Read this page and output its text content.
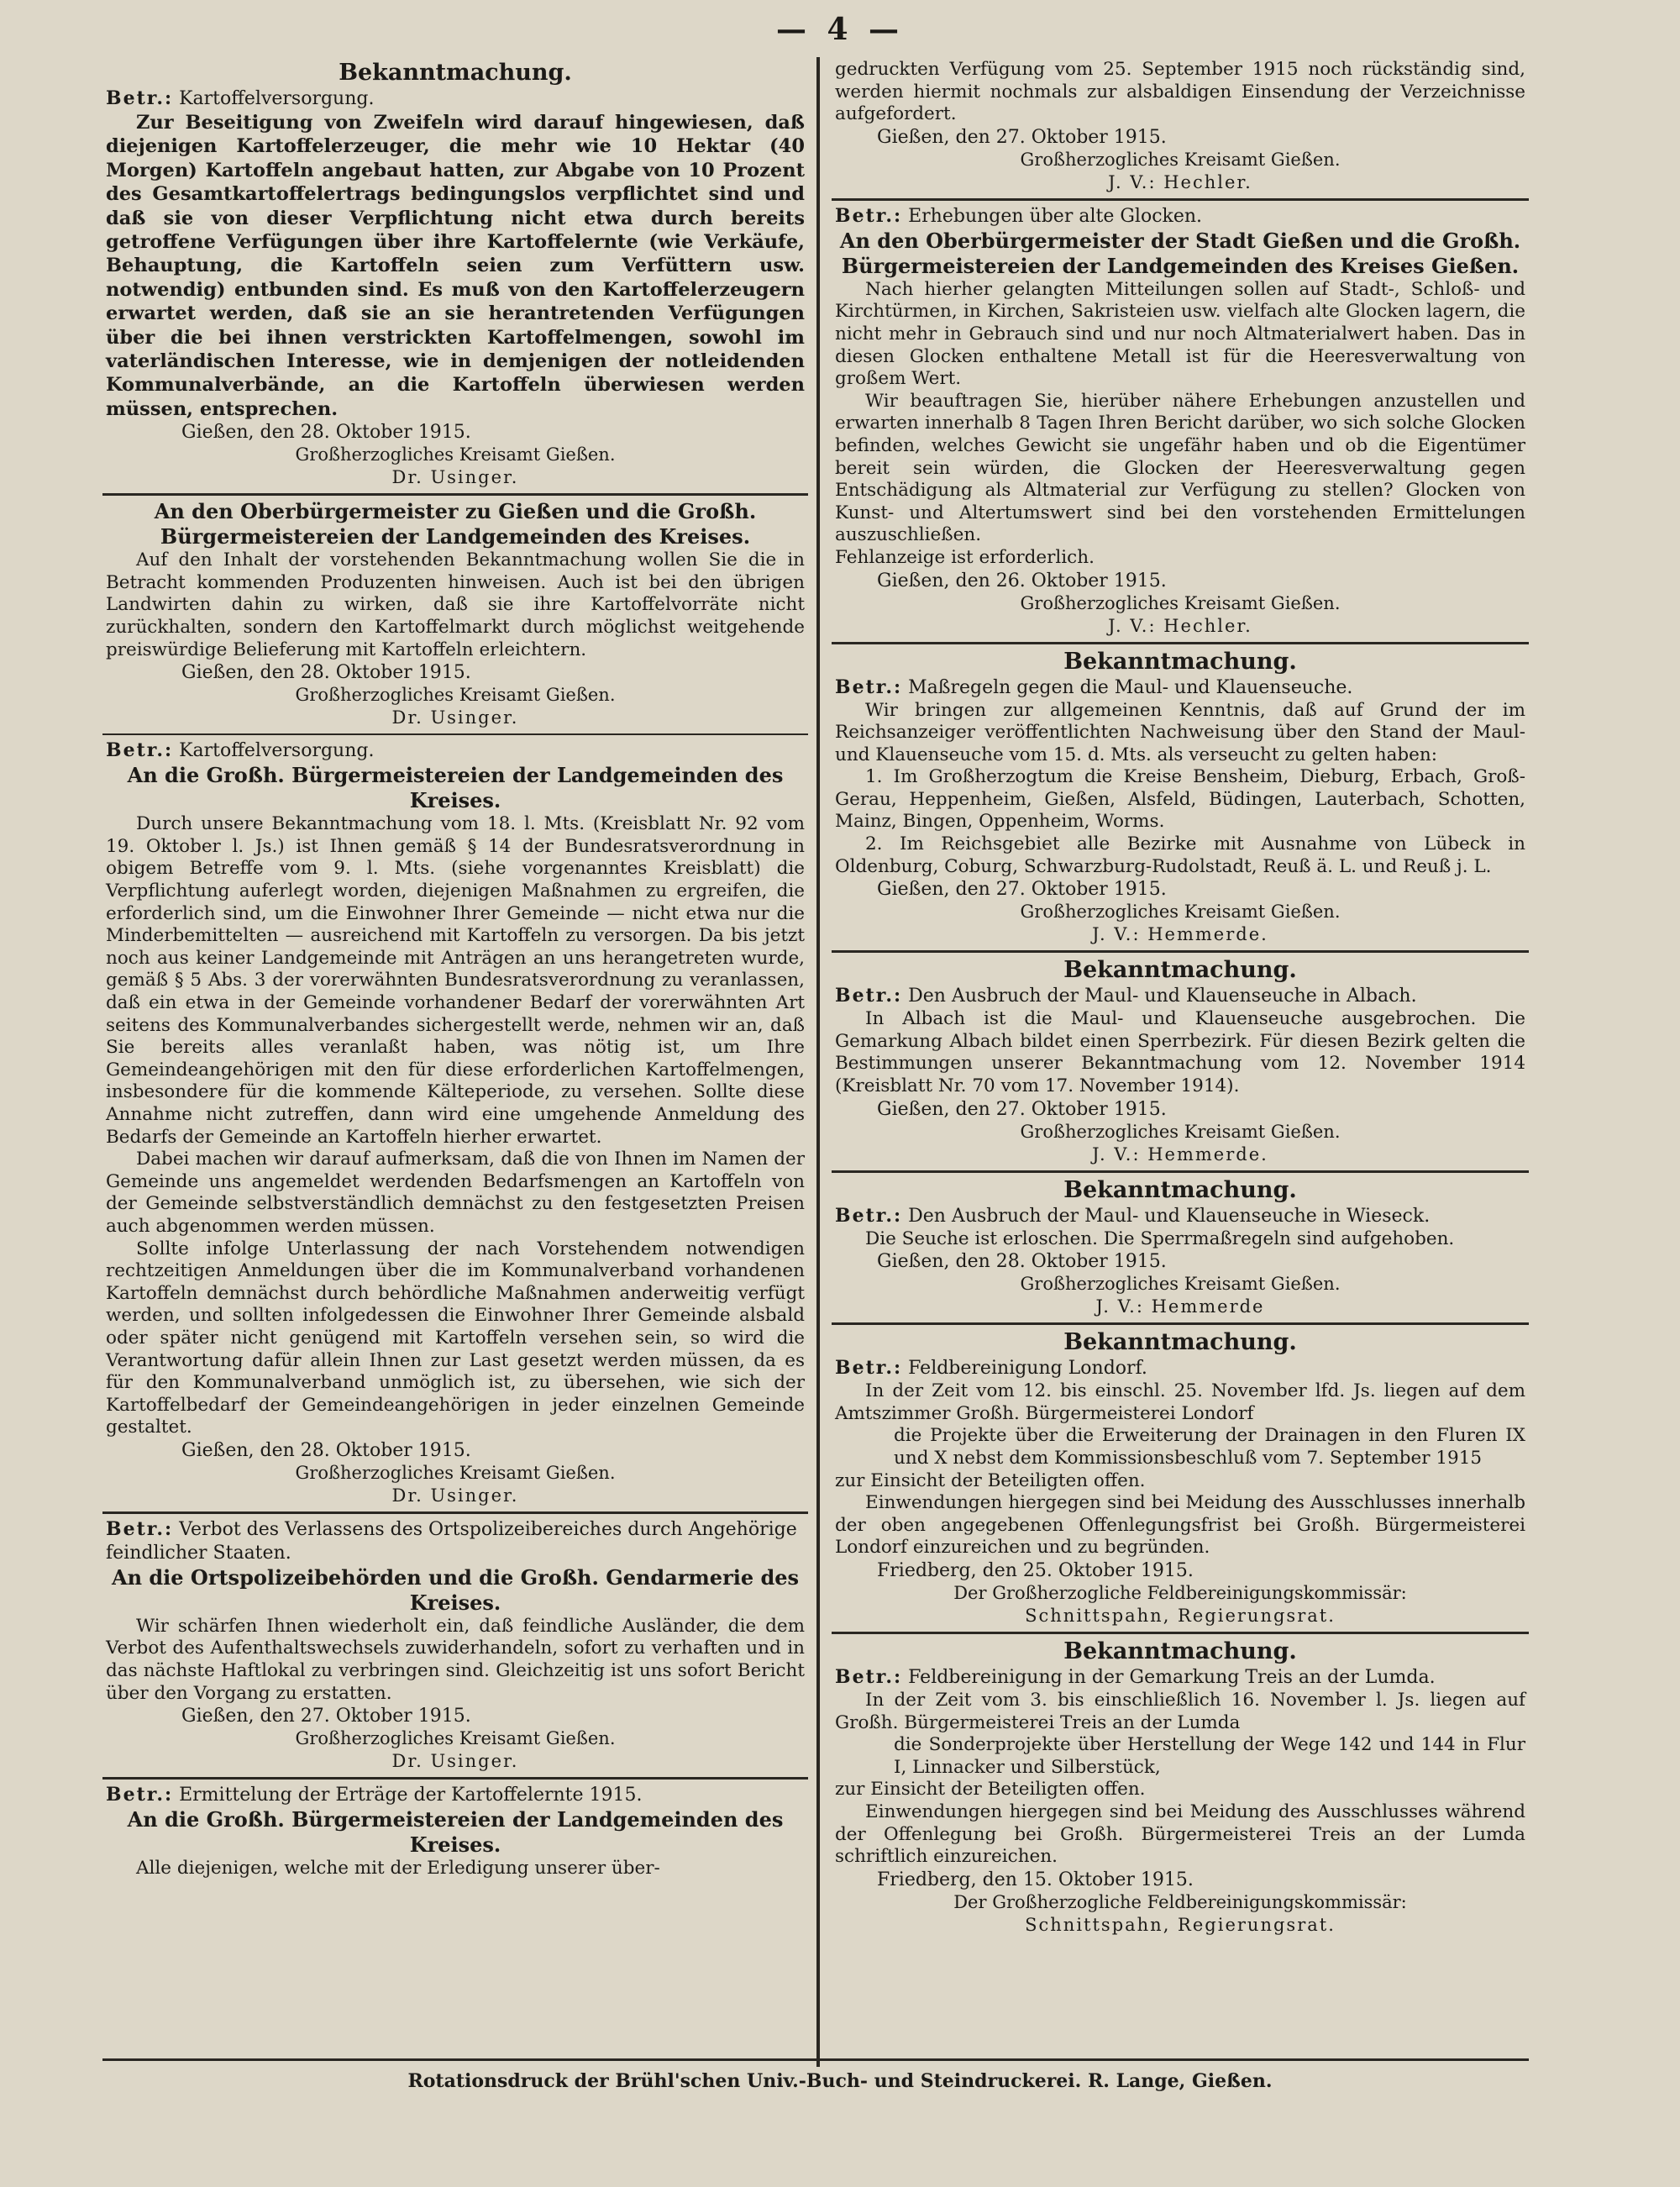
— 4 —
Bekanntmachung.
Betr.: Kartoffelversorgung.

Zur Beseitigung von Zweifeln wird darauf hingewiesen, daß diejenigen Kartoffelerzeuger, die mehr wie 10 Hektar (40 Morgen) Kartoffeln angebaut hatten, zur Abgabe von 10 Prozent des Gesamtkartoffelertrags bedingungslos verpflichtet sind und daß sie von dieser Verpflichtung nicht etwa durch bereits getroffene Verfügungen über ihre Kartoffelernte (wie Verkäufe, Behauptung, die Kartoffeln seien zum Verfüttern usw. notwendig) entbunden sind. Es muß von den Kartoffelerzeugern erwartet werden, daß sie an sie herantretenden Verfügungen über die bei ihnen verstrickten Kartoffelmengen, sowohl im vaterländischen Interesse, wie in demjenigen der notleidenden Kommunalverbände, an die Kartoffeln überwiesen werden müssen, entsprechen.

Gießen, den 28. Oktober 1915.
Großherzogliches Kreisamt Gießen.
Dr. Usinger.
An den Oberbürgermeister zu Gießen und die Großh. Bürgermeistereien der Landgemeinden des Kreises.

Auf den Inhalt der vorstehenden Bekanntmachung wollen Sie die in Betracht kommenden Produzenten hinweisen. Auch ist bei den übrigen Landwirten dahin zu wirken, daß sie ihre Kartoffelvorräte nicht zurückhalten, sondern den Kartoffelmarkt durch möglichst weitgehende preiswürdige Belieferung mit Kartoffeln erleichtern.

Gießen, den 28. Oktober 1915.
Großherzogliches Kreisamt Gießen.
Dr. Usinger.
Betr.: Kartoffelversorgung.
An die Großh. Bürgermeistereien der Landgemeinden des Kreises.

Durch unsere Bekanntmachung vom 18. l. Mts. (Kreisblatt Nr. 92 vom 19. Oktober l. Js.) ist Ihnen gemäß § 14 der Bundesratsverordnung in obigem Betreffe vom 9. l. Mts. (siehe vorgenanntes Kreisblatt) die Verpflichtung auferlegt worden, diejenigen Maßnahmen zu ergreifen, die erforderlich sind, um die Einwohner Ihrer Gemeinde — nicht etwa nur die Minderbemittelten — ausreichend mit Kartoffeln zu versorgen. Da bis jetzt noch aus keiner Landgemeinde mit Anträgen an uns herangetreten wurde, gemäß § 5 Abs. 3 der vorerwähnten Bundesratsverordnung zu veranlassen, daß ein etwa in der Gemeinde vorhandener Bedarf der vorerwähnten Art seitens des Kommunalverbandes sichergestellt werde, nehmen wir an, daß Sie bereits alles veranlaßt haben, was nötig ist, um Ihre Gemeindeangehörigen mit den für diese erforderlichen Kartoffelmengen, insbesondere für die kommende Kälteperiode, zu versehen. Sollte diese Annahme nicht zutreffen, dann wird eine umgehende Anmeldung des Bedarfs der Gemeinde an Kartoffeln hierher erwartet.

Dabei machen wir darauf aufmerksam, daß die von Ihnen im Namen der Gemeinde uns angemeldet werdenden Bedarfsmengen an Kartoffeln von der Gemeinde selbstverständlich demnächst zu den festgesetzten Preisen auch abgenommen werden müssen.

Sollte infolge Unterlassung der nach Vorstehendem notwendigen rechtzeitigen Anmeldungen über die im Kommunalverband vorhandenen Kartoffeln demnächst durch behördliche Maßnahmen anderweitig verfügt werden, und sollten infolgedessen die Einwohner Ihrer Gemeinde alsbald oder später nicht genügend mit Kartoffeln versehen sein, so wird die Verantwortung dafür allein Ihnen zur Last gesetzt werden müssen, da es für den Kommunalverband unmöglich ist, zu übersehen, wie sich der Kartoffelbedarf der Gemeindeangehörigen in jeder einzelnen Gemeinde gestaltet.

Gießen, den 28. Oktober 1915.
Großherzogliches Kreisamt Gießen.
Dr. Usinger.
Betr.: Verbot des Verlassens des Ortspolizeibereiches durch Angehörige feindlicher Staaten.
An die Ortspolizeibehörden und die Großh. Gendarmerie des Kreises.

Wir schärfen Ihnen wiederholt ein, daß feindliche Ausländer, die dem Verbot des Aufenthaltswechsels zuwiderhandeln, sofort zu verhaften und in das nächste Haftlokal zu verbringen sind. Gleichzeitig ist uns sofort Bericht über den Vorgang zu erstatten.

Gießen, den 27. Oktober 1915.
Großherzogliches Kreisamt Gießen.
Dr. Usinger.
Betr.: Ermittelung der Erträge der Kartoffelernte 1915.
An die Großh. Bürgermeistereien der Landgemeinden des Kreises.

Alle diejenigen, welche mit der Erledigung unserer über-

gedruckten Verfügung vom 25. September 1915 noch rückständig sind, werden hiermit nochmals zur alsbaldigen Einsendung der Verzeichnisse aufgefordert.

Gießen, den 27. Oktober 1915.
Großherzogliches Kreisamt Gießen.
J. V.: Hechler.
Betr.: Erhebungen über alte Glocken.
An den Oberbürgermeister der Stadt Gießen und die Großh. Bürgermeistereien der Landgemeinden des Kreises Gießen.

Nach hierher gelangten Mitteilungen sollen auf Stadt-, Schloß- und Kirchtürmen, in Kirchen, Sakristeien usw. vielfach alte Glocken lagern, die nicht mehr in Gebrauch sind und nur noch Altmaterialwert haben. Das in diesen Glocken enthaltene Metall ist für die Heeresverwaltung von großem Wert.

Wir beauftragen Sie, hierüber nähere Erhebungen anzustellen und erwarten innerhalb 8 Tagen Ihren Bericht darüber, wo sich solche Glocken befinden, welches Gewicht sie ungefähr haben und ob die Eigentümer bereit sein würden, die Glocken der Heeresverwaltung gegen Entschädigung als Altmaterial zur Verfügung zu stellen? Glocken von Kunst- und Altertumswert sind bei den vorstehenden Ermittelungen auszuschließen.

Fehlanzeige ist erforderlich.

Gießen, den 26. Oktober 1915.
Großherzogliches Kreisamt Gießen.
J. V.: Hechler.
Bekanntmachung.
Betr.: Maßregeln gegen die Maul- und Klauenseuche.

Wir bringen zur allgemeinen Kenntnis, daß auf Grund der im Reichsanzeiger veröffentlichten Nachweisung über den Stand der Maul- und Klauenseuche vom 15. d. Mts. als verseucht zu gelten haben:

1. Im Großherzogtum die Kreise Bensheim, Dieburg, Erbach, Groß-Gerau, Heppenheim, Gießen, Alsfeld, Büdingen, Lauterbach, Schotten, Mainz, Bingen, Oppenheim, Worms.

2. Im Reichsgebiet alle Bezirke mit Ausnahme von Lübeck in Oldenburg, Coburg, Schwarzburg-Rudolstadt, Reuß ä. L. und Reuß j. L.

Gießen, den 27. Oktober 1915.
Großherzogliches Kreisamt Gießen.
J. V.: Hemmerde.
Bekanntmachung.
Betr.: Den Ausbruch der Maul- und Klauenseuche in Albach.

In Albach ist die Maul- und Klauenseuche ausgebrochen. Die Gemarkung Albach bildet einen Sperrbezirk. Für diesen Bezirk gelten die Bestimmungen unserer Bekanntmachung vom 12. November 1914 (Kreisblatt Nr. 70 vom 17. November 1914).

Gießen, den 27. Oktober 1915.
Großherzogliches Kreisamt Gießen.
J. V.: Hemmerde.
Bekanntmachung.
Betr.: Den Ausbruch der Maul- und Klauenseuche in Wieseck.

Die Seuche ist erloschen. Die Sperrmaßregeln sind aufgehoben.

Gießen, den 28. Oktober 1915.
Großherzogliches Kreisamt Gießen.
J. V.: Hemmerde
Bekanntmachung.
Betr.: Feldbereinigung Londorf.

In der Zeit vom 12. bis einschl. 25. November lfd. Js. liegen auf dem Amtszimmer Großh. Bürgermeisterei Londorf

die Projekte über die Erweiterung der Drainagen in den Fluren IX und X nebst dem Kommissionsbeschluß vom 7. September 1915

zur Einsicht der Beteiligten offen.

Einwendungen hiergegen sind bei Meidung des Ausschlusses innerhalb der oben angegebenen Offenlegungsfrist bei Großh. Bürgermeisterei Londorf einzureichen und zu begründen.

Friedberg, den 25. Oktober 1915.
Der Großherzogliche Feldbereinigungskommissär:
Schnittspahn, Regierungsrat.
Bekanntmachung.
Betr.: Feldbereinigung in der Gemarkung Treis an der Lumda.

In der Zeit vom 3. bis einschließlich 16. November l. Js. liegen auf Großh. Bürgermeisterei Treis an der Lumda

die Sonderprojekte über Herstellung der Wege 142 und 144 in Flur I, Linnacker und Silberstück,

zur Einsicht der Beteiligten offen.

Einwendungen hiergegen sind bei Meidung des Ausschlusses während der Offenlegung bei Großh. Bürgermeisterei Treis an der Lumda schriftlich einzureichen.

Friedberg, den 15. Oktober 1915.
Der Großherzogliche Feldbereinigungskommissär:
Schnittspahn, Regierungsrat.
Rotationsdruck der Brühl'schen Univ.-Buch- und Steindruckerei. R. Lange, Gießen.
